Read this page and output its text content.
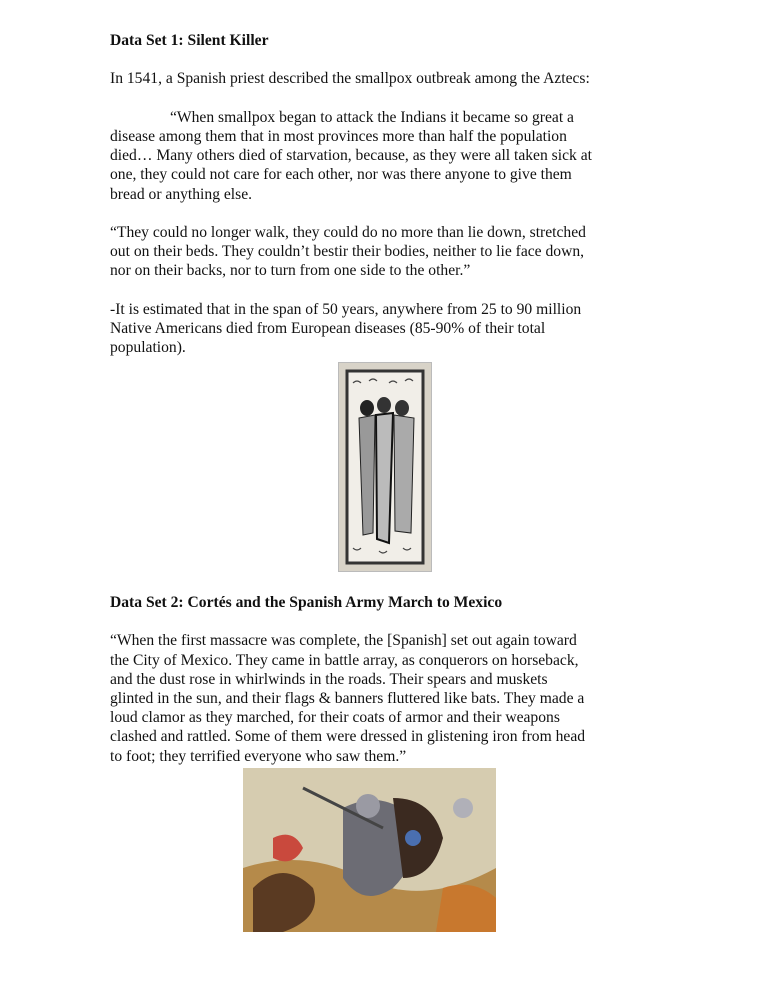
Data Set 1: Silent Killer
In 1541, a Spanish priest described the smallpox outbreak among the Aztecs:
“When smallpox began to attack the Indians it became so great a
disease among them that in most provinces more than half the population
died… Many others died of starvation, because, as they were all taken sick at
one, they could not care for each other, nor was there anyone to give them
bread or anything else.
“They could no longer walk, they could do no more than lie down, stretched
out on their beds. They couldn’t bestir their bodies, neither to lie face down,
nor on their backs, nor to turn from one side to the other.”
-It is estimated that in the span of 50 years, anywhere from 25 to 90 million
Native Americans died from European diseases (85-90% of their total
population).
Data Set 2: Cortés and the Spanish Army March to Mexico
“When the first massacre was complete, the [Spanish] set out again toward
the City of Mexico. They came in battle array, as conquerors on horseback,
and the dust rose in whirlwinds in the roads. Their spears and muskets
glinted in the sun, and their flags & banners fluttered like bats. They made a
loud clamor as they marched, for their coats of armor and their weapons
clashed and rattled. Some of them were dressed in glistening iron from head
to foot; they terrified everyone who saw them.”
